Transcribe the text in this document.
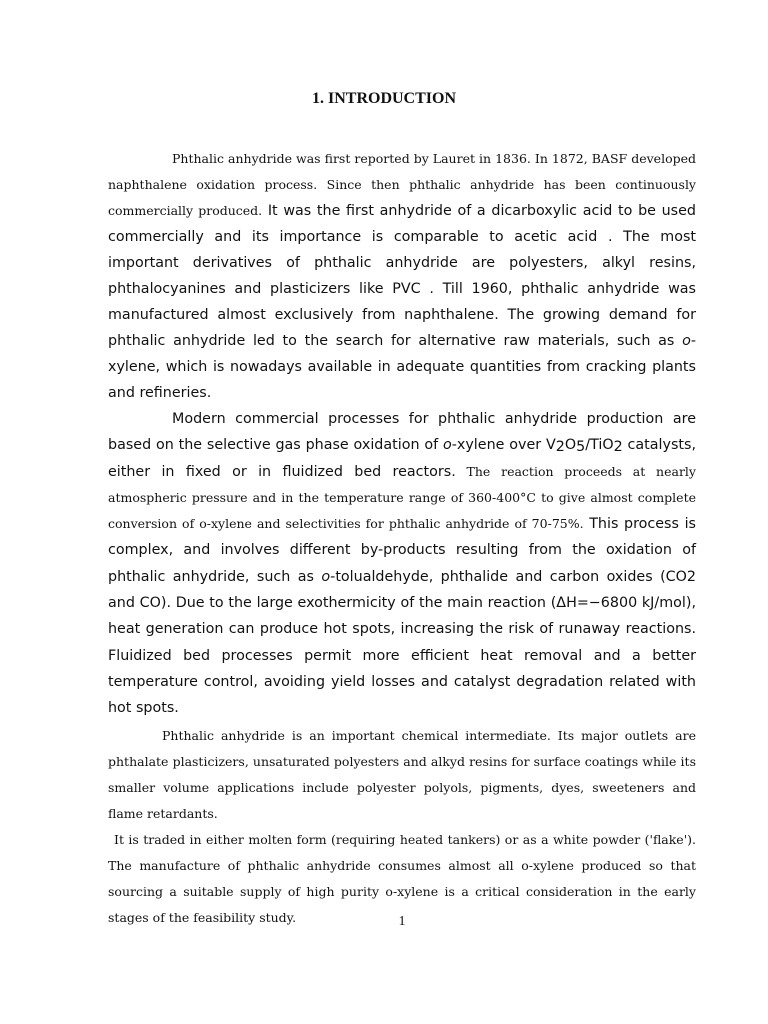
1. INTRODUCTION

Phthalic anhydride was first reported by Lauret in 1836. In 1872, BASF developed naphthalene oxidation process. Since then phthalic anhydride has been continuously commercially produced. It was the first anhydride of a dicarboxylic acid to be used commercially and its importance is comparable to acetic acid . The most important derivatives of phthalic anhydride are polyesters, alkyl resins, phthalocyanines and plasticizers like PVC . Till 1960, phthalic anhydride was manufactured almost exclusively from naphthalene. The growing demand for phthalic anhydride led to the search for alternative raw materials, such as o-xylene, which is nowadays available in adequate quantities from cracking plants and refineries.

Modern commercial processes for phthalic anhydride production are based on the selective gas phase oxidation of o-xylene over $V_2O_5/TiO_2$ catalysts, either in fixed or in fluidized bed reactors. The reaction proceeds at nearly atmospheric pressure and in the temperature range of 360-400°C to give almost complete conversion of o-xylene and selectivities for phthalic anhydride of 70-75%. This process is complex, and involves different by-products resulting from the oxidation of phthalic anhydride, such as o-tolualdehyde, phthalide and carbon oxides (CO2 and CO). Due to the large exothermicity of the main reaction (ΔH=−6800 kJ/mol), heat generation can produce hot spots, increasing the risk of runaway reactions. Fluidized bed processes permit more efficient heat removal and a better temperature control, avoiding yield losses and catalyst degradation related with hot spots.

Phthalic anhydride is an important chemical intermediate. Its major outlets are phthalate plasticizers, unsaturated polyesters and alkyd resins for surface coatings while its smaller volume applications include polyester polyols, pigments, dyes, sweeteners and flame retardants.

It is traded in either molten form (requiring heated tankers) or as a white powder ('flake'). The manufacture of phthalic anhydride consumes almost all o-xylene produced so that sourcing a suitable supply of high purity o-xylene is a critical consideration in the early stages of the feasibility study.	1
